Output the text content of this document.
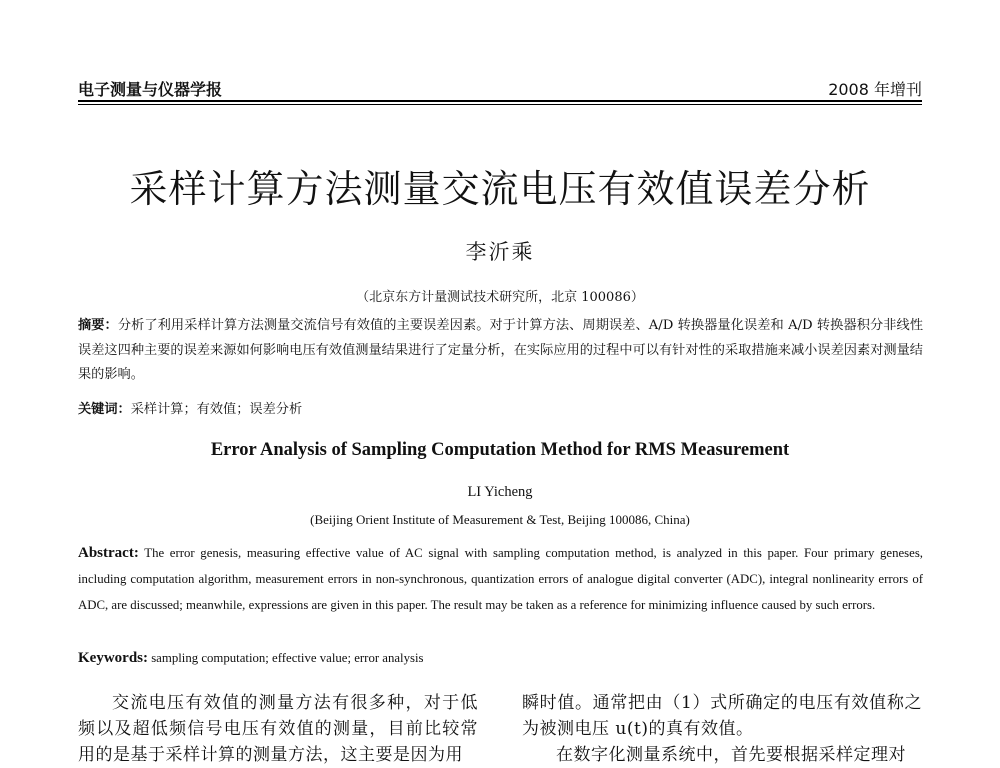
电子测量与仪器学报	2008 年增刊
采样计算方法测量交流电压有效值误差分析
李沂乘
（北京东方计量测试技术研究所，北京 100086）
摘要：分析了利用采样计算方法测量交流信号有效值的主要误差因素。对于计算方法、周期误差、A/D 转换器量化误差和 A/D 转换器积分非线性误差这四种主要的误差来源如何影响电压有效值测量结果进行了定量分析，在实际应用的过程中可以有针对性的采取措施来减小误差因素对测量结果的影响。
关键词：采样计算；有效值；误差分析
Error Analysis of Sampling Computation Method for RMS Measurement
LI Yicheng
(Beijing Orient Institute of Measurement & Test, Beijing 100086, China)
Abstract: The error genesis, measuring effective value of AC signal with sampling computation method, is analyzed in this paper. Four primary geneses, including computation algorithm, measurement errors in non-synchronous, quantization errors of analogue digital converter (ADC), integral nonlinearity errors of ADC, are discussed; meanwhile, expressions are given in this paper. The result may be taken as a reference for minimizing influence caused by such errors.
Keywords: sampling computation; effective value; error analysis

交流电压有效值的测量方法有很多种，对于低频以及超低频信号电压有效值的测量，目前比较常用的是基于采样计算的测量方法，这主要是因为用

瞬时值。通常把由（1）式所确定的电压有效值称之为被测电压 u(t)的真有效值。

在数字化测量系统中，首先要根据采样定理对
